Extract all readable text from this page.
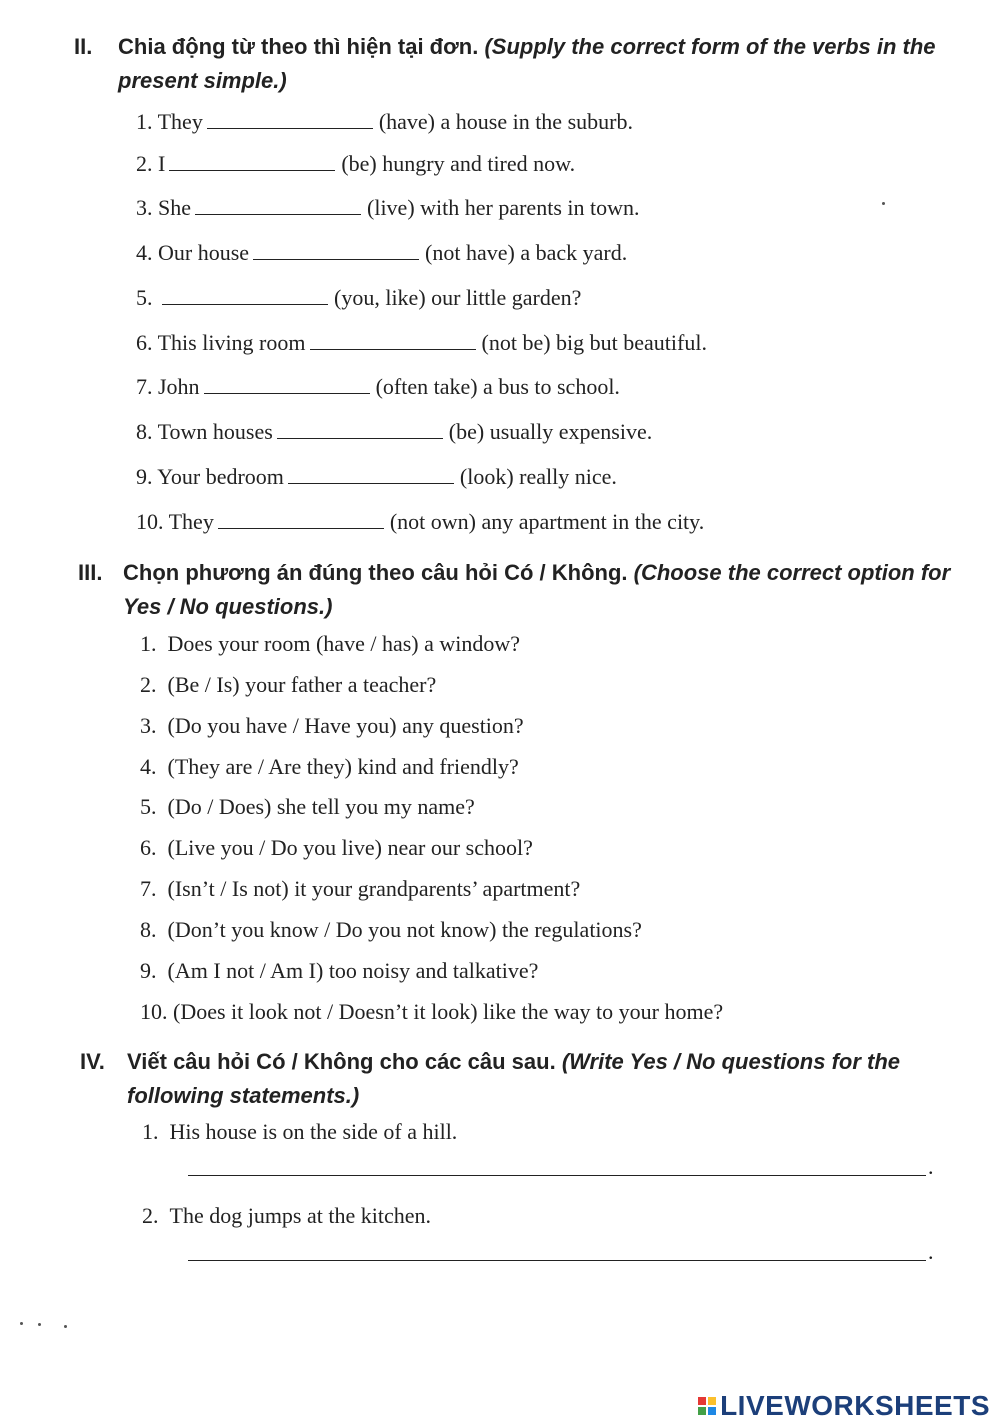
II. Chia động từ theo thì hiện tại đơn. (Supply the correct form of the verbs in the present simple.)
1. They	(have) a house in the suburb.
2. I	(be) hungry and tired now.
3. She	(live) with her parents in town.
4. Our house	(not have) a back yard.
5.	(you, like) our little garden?
6. This living room	(not be) big but beautiful.
7. John	(often take) a bus to school.
8. Town houses	(be) usually expensive.
9. Your bedroom	(look) really nice.
10. They	(not own) any apartment in the city.
III. Chọn phương án đúng theo câu hỏi Có / Không. (Choose the correct option for Yes / No questions.)
1. Does your room (have / has) a window?
2. (Be / Is) your father a teacher?
3. (Do you have / Have you) any question?
4. (They are / Are they) kind and friendly?
5. (Do / Does) she tell you my name?
6. (Live you / Do you live) near our school?
7. (Isn’t / Is not) it your grandparents’ apartment?
8. (Don’t you know / Do you not know) the regulations?
9. (Am I not / Am I) too noisy and talkative?
10. (Does it look not / Doesn’t it look) like the way to your home?
IV. Viết câu hỏi Có / Không cho các câu sau. (Write Yes / No questions for the following statements.)
1. His house is on the side of a hill.
.
2. The dog jumps at the kitchen.
.
LIVEWORKSHEETS
